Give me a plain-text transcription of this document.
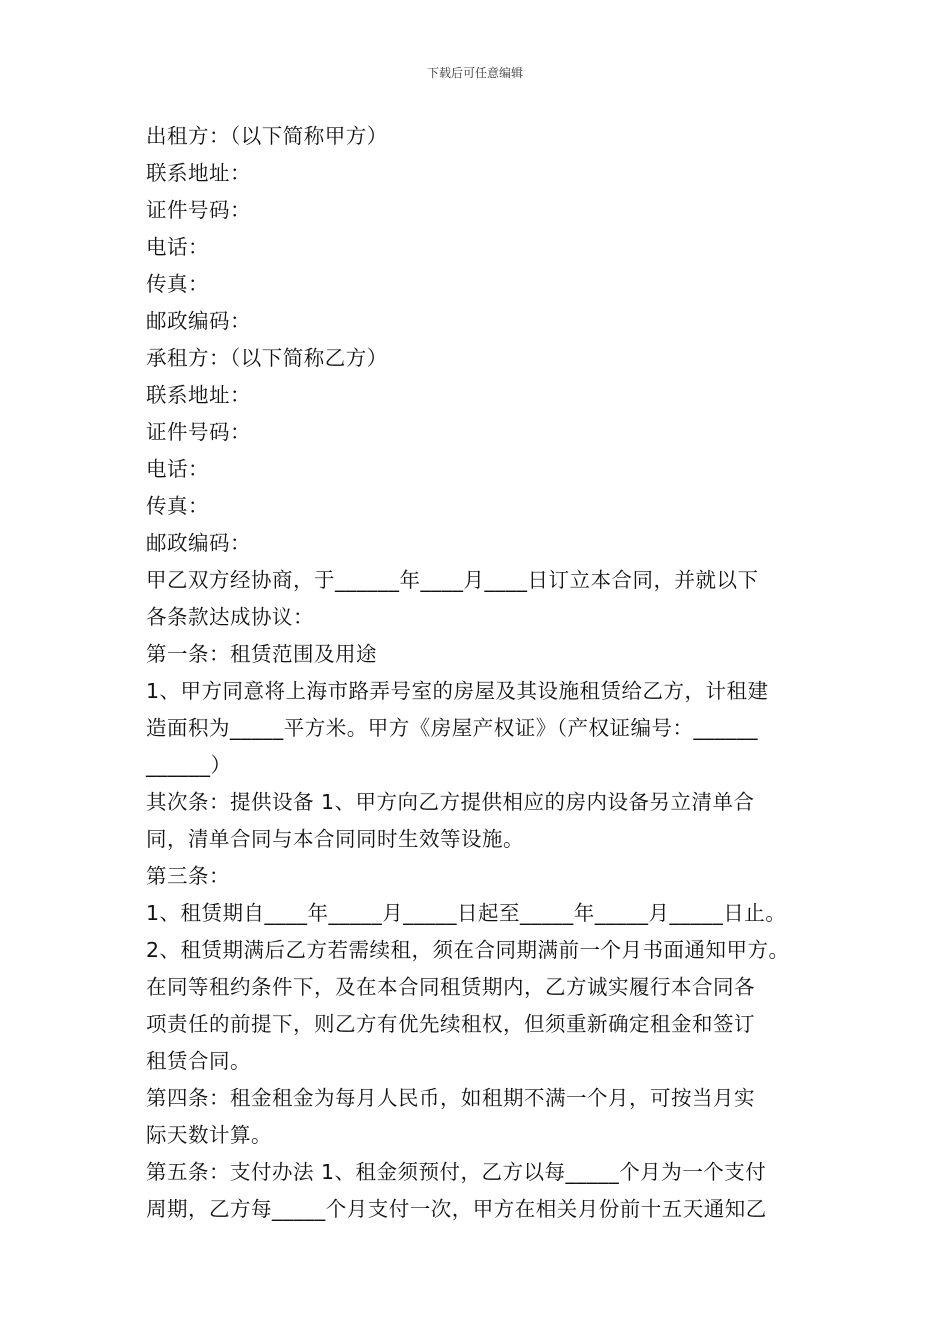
下载后可任意编辑
出租方：（以下简称甲方）
联系地址：
证件号码：
电话：
传真：
邮政编码：
承租方：（以下简称乙方）
联系地址：
证件号码：
电话：
传真：
邮政编码：
甲乙双方经协商，于______年____月____日订立本合同，并就以下
各条款达成协议：
第一条：租赁范围及用途
1、甲方同意将上海市路弄号室的房屋及其设施租赁给乙方，计租建
造面积为_____平方米。甲方《房屋产权证》（产权证编号：______
______）
其次条：提供设备 1、甲方向乙方提供相应的房内设备另立清单合
同，清单合同与本合同同时生效等设施。
第三条：
1、租赁期自____年_____月_____日起至_____年_____月_____日止。
2、租赁期满后乙方若需续租，须在合同期满前一个月书面通知甲方。
在同等租约条件下，及在本合同租赁期内，乙方诚实履行本合同各
项责任的前提下，则乙方有优先续租权，但须重新确定租金和签订
租赁合同。
第四条：租金租金为每月人民币，如租期不满一个月，可按当月实
际天数计算。
第五条：支付办法 1、租金须预付，乙方以每_____个月为一个支付
周期，乙方每_____个月支付一次，甲方在相关月份前十五天通知乙
